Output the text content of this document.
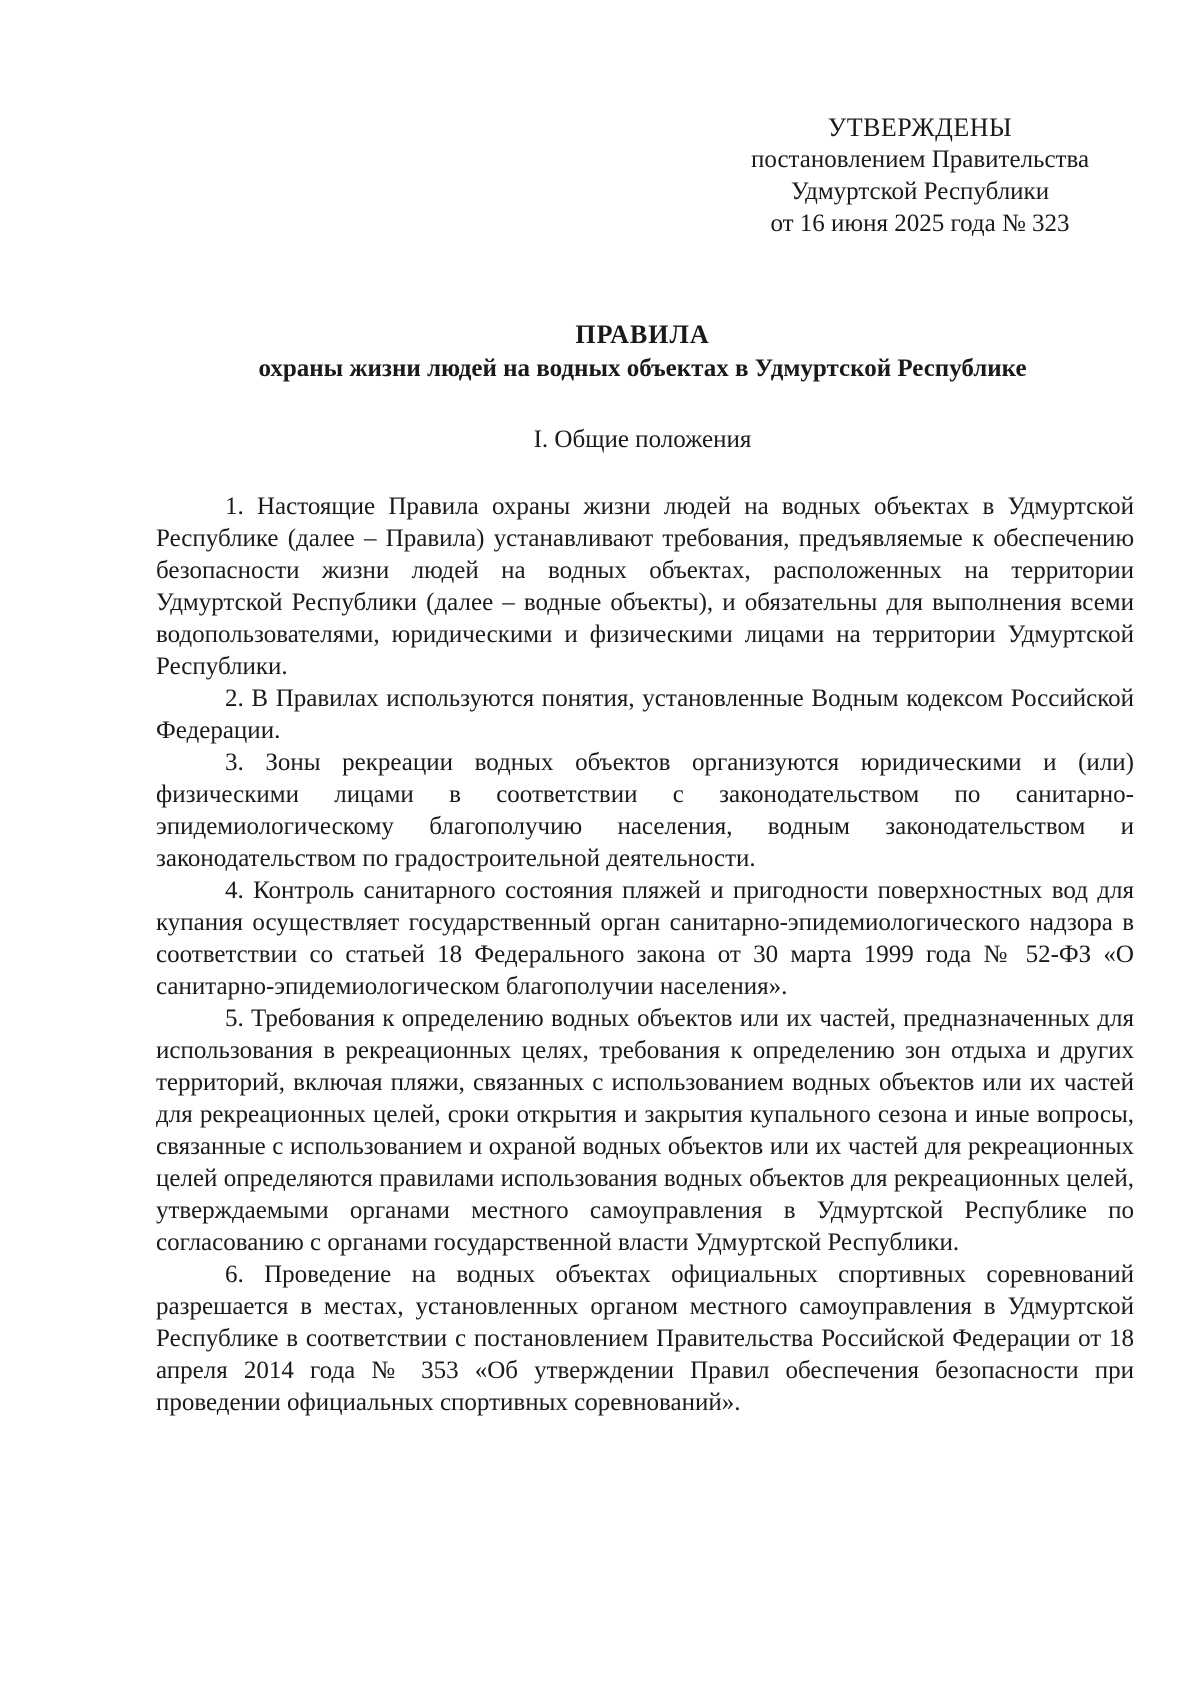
УТВЕРЖДЕНЫ
постановлением Правительства
Удмуртской Республики
от 16 июня 2025 года № 323
ПРАВИЛА
охраны жизни людей на водных объектах в Удмуртской Республике
I. Общие положения

1. Настоящие Правила охраны жизни людей на водных объектах в Удмуртской Республике (далее – Правила) устанавливают требования, предъявляемые к обеспечению безопасности жизни людей на водных объектах, расположенных на территории Удмуртской Республики (далее – водные объекты), и обязательны для выполнения всеми водопользователями, юридическими и физическими лицами на территории Удмуртской Республики.

2. В Правилах используются понятия, установленные Водным кодексом Российской Федерации.

3. Зоны рекреации водных объектов организуются юридическими и (или) физическими лицами в соответствии с законодательством по санитарно-эпидемиологическому благополучию населения, водным законодательством и законодательством по градостроительной деятельности.

4. Контроль санитарного состояния пляжей и пригодности поверхностных вод для купания осуществляет государственный орган санитарно-эпидемиологического надзора в соответствии со статьей 18 Федерального закона от 30 марта 1999 года № 52-ФЗ «О санитарно-эпидемиологическом благополучии населения».

5. Требования к определению водных объектов или их частей, предназначенных для использования в рекреационных целях, требования к определению зон отдыха и других территорий, включая пляжи, связанных с использованием водных объектов или их частей для рекреационных целей, сроки открытия и закрытия купального сезона и иные вопросы, связанные с использованием и охраной водных объектов или их частей для рекреационных целей определяются правилами использования водных объектов для рекреационных целей, утверждаемыми органами местного самоуправления в Удмуртской Республике по согласованию с органами государственной власти Удмуртской Республики.

6. Проведение на водных объектах официальных спортивных соревнований разрешается в местах, установленных органом местного самоуправления в Удмуртской Республике в соответствии с постановлением Правительства Российской Федерации от 18 апреля 2014 года № 353 «Об утверждении Правил обеспечения безопасности при проведении официальных спортивных соревнований».
